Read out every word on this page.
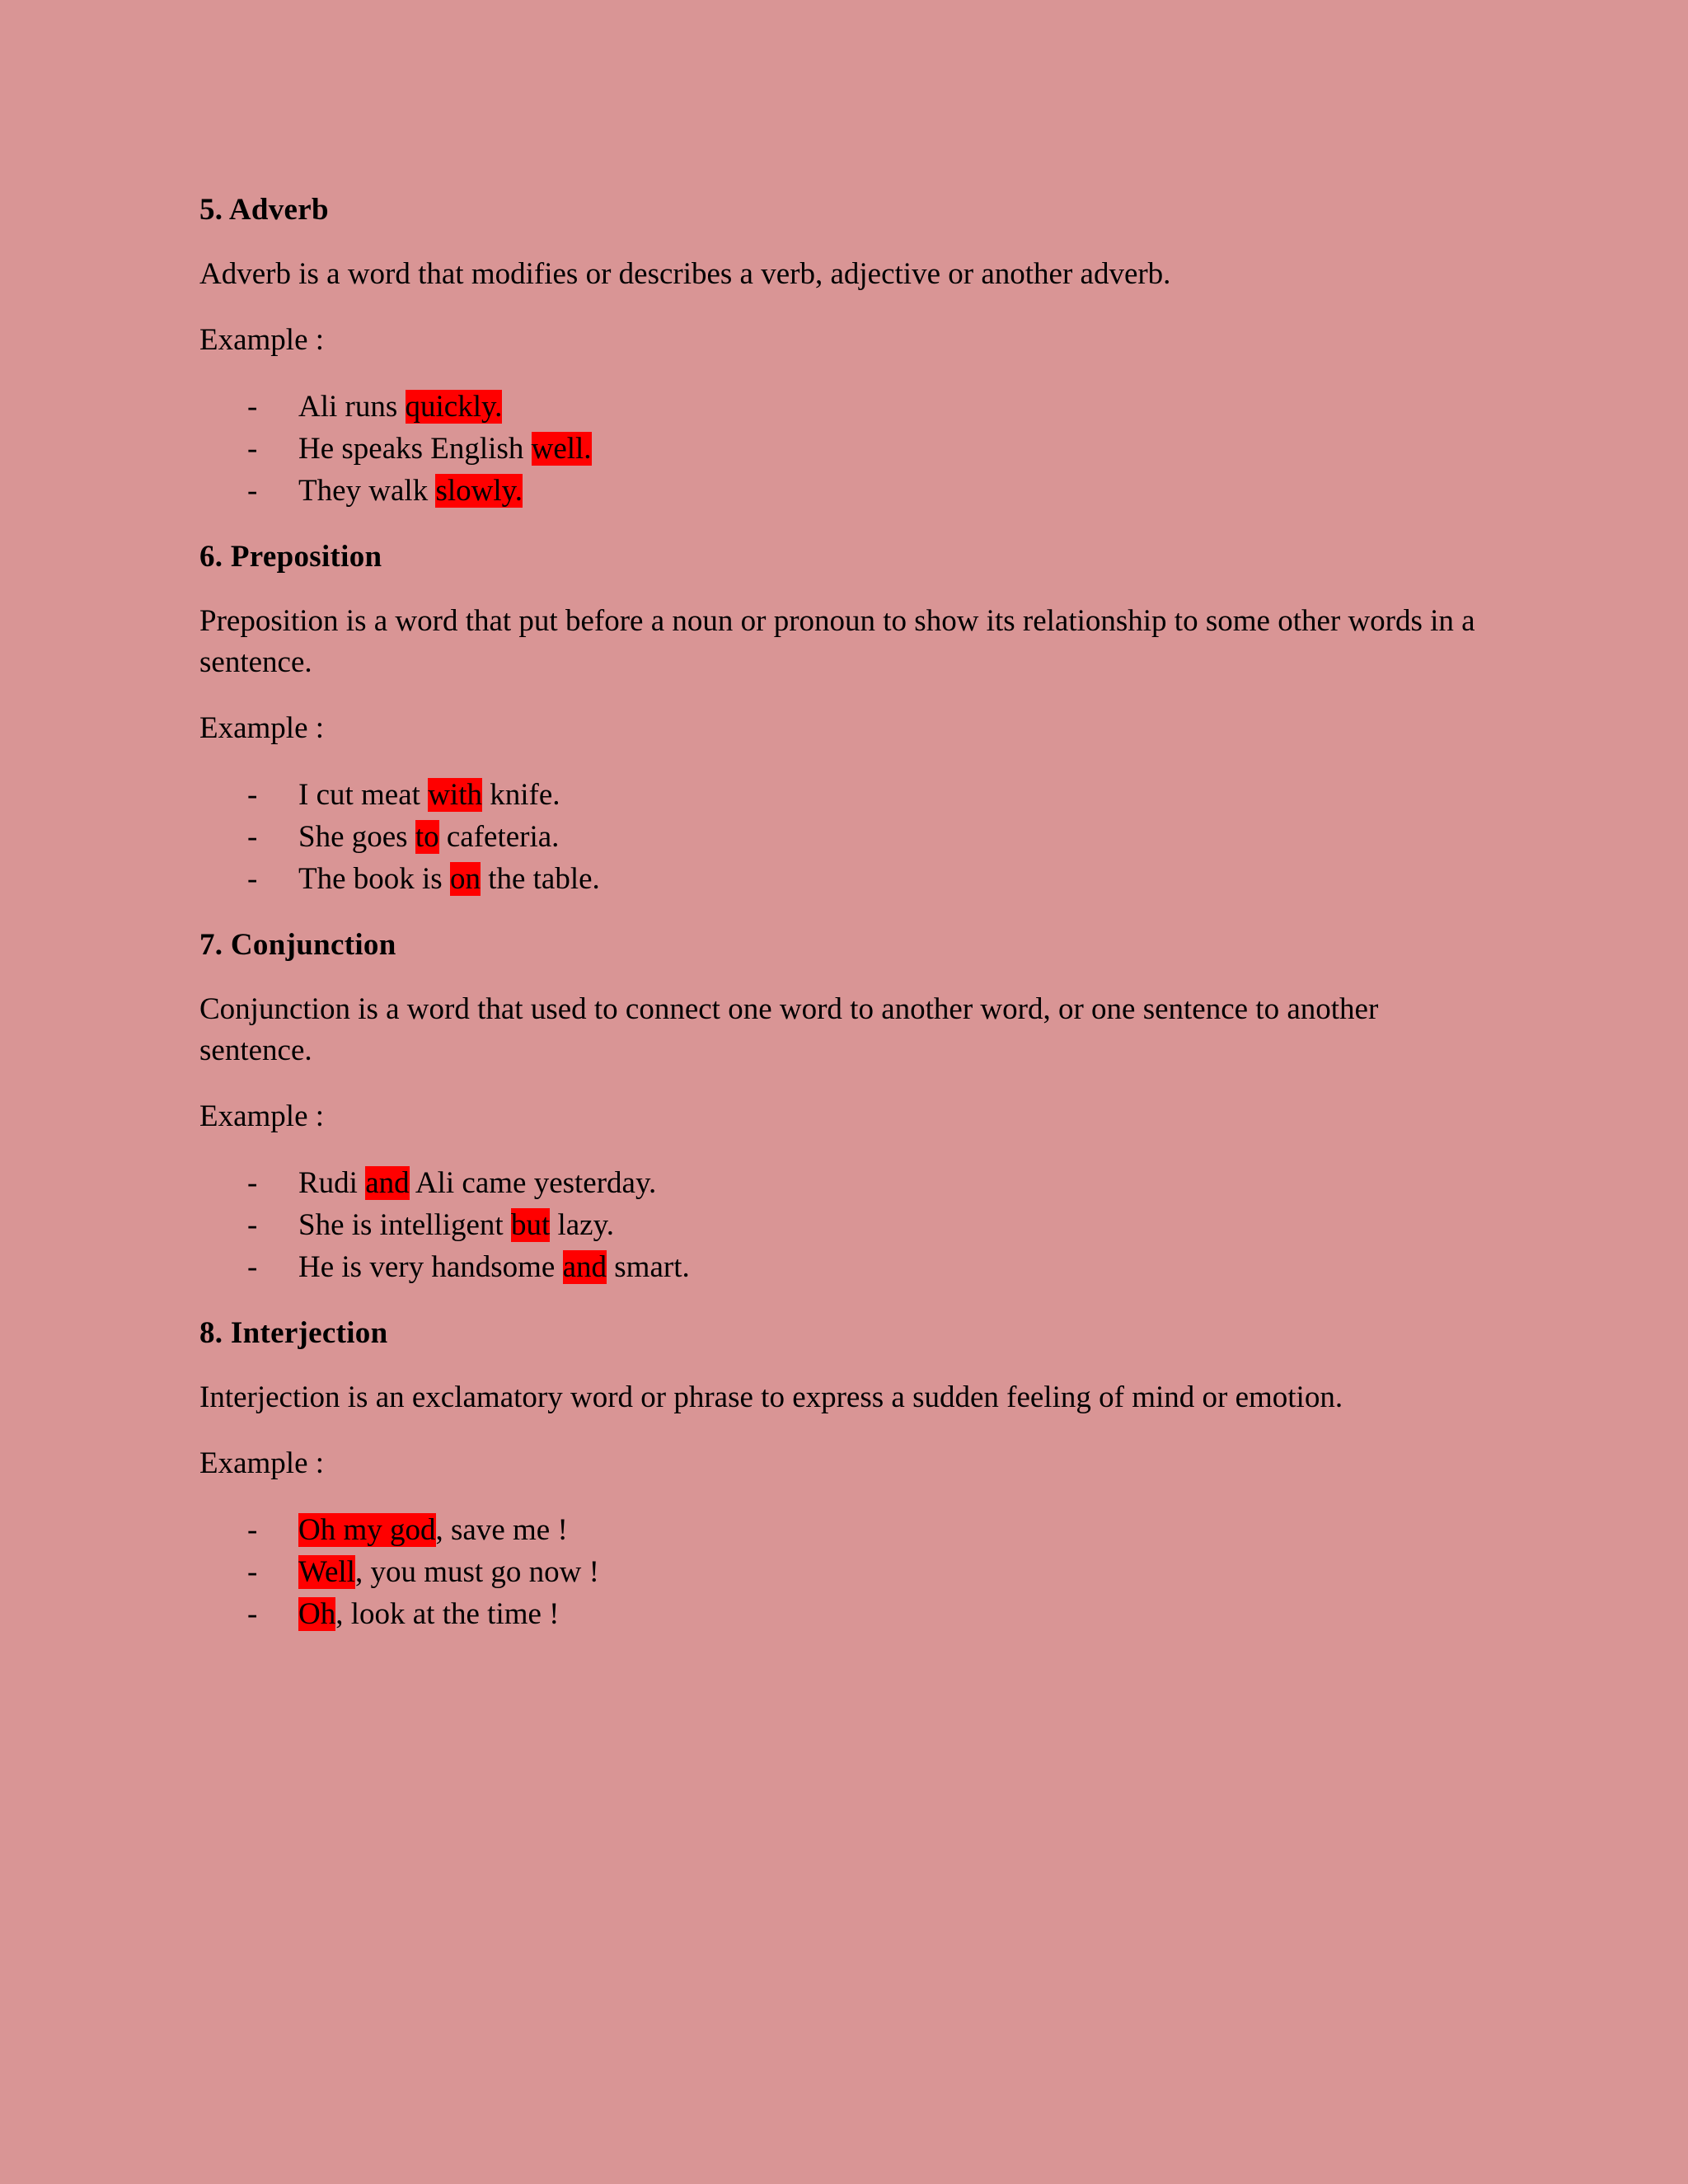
5. Adverb
Adverb is a word that modifies or describes a verb, adjective or another adverb.
Example :
- Ali runs quickly.
- He speaks English well.
- They walk slowly.
6. Preposition
Preposition is a word that put before a noun or pronoun to show its relationship to some other words in a sentence.
Example :
- I cut meat with knife.
- She goes to cafeteria.
- The book is on the table.
7. Conjunction
Conjunction is a word that used to connect one word to another word, or one sentence to another sentence.
Example :
- Rudi and Ali came yesterday.
- She is intelligent but lazy.
- He is very handsome and smart.
8. Interjection
Interjection is an exclamatory word or phrase to express a sudden feeling of mind or emotion.
Example :
- Oh my god, save me !
- Well, you must go now !
- Oh, look at the time !
